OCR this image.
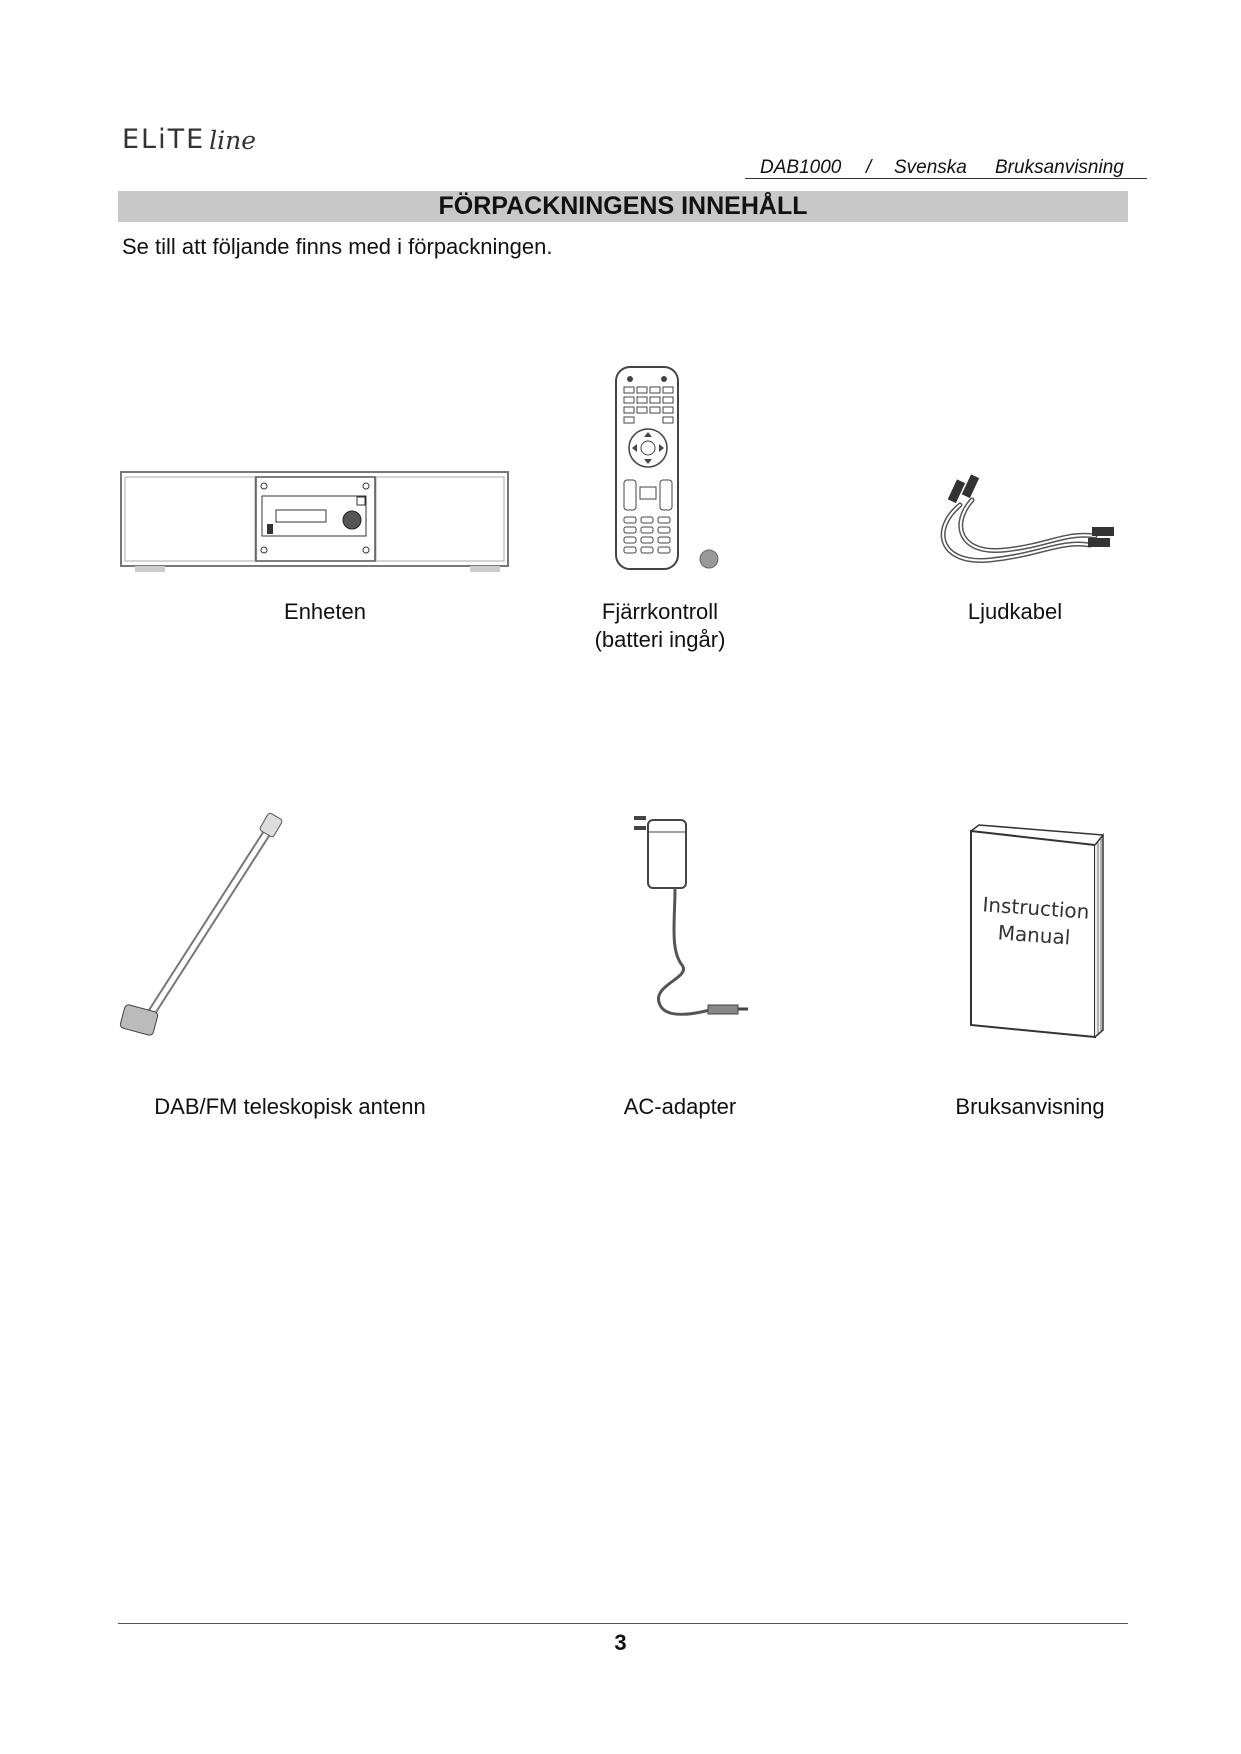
ELiTE line
DAB1000 / Svenska Bruksanvisning
FÖRPACKNINGENS INNEHÅLL
Se till att följande finns med i förpackningen.
Enheten	Fjärrkontroll
(batteri ingår)
Ljudkabel
DAB/FM teleskopisk antenn	AC-adapter
Instruction
Manual
Bruksanvisning
3
